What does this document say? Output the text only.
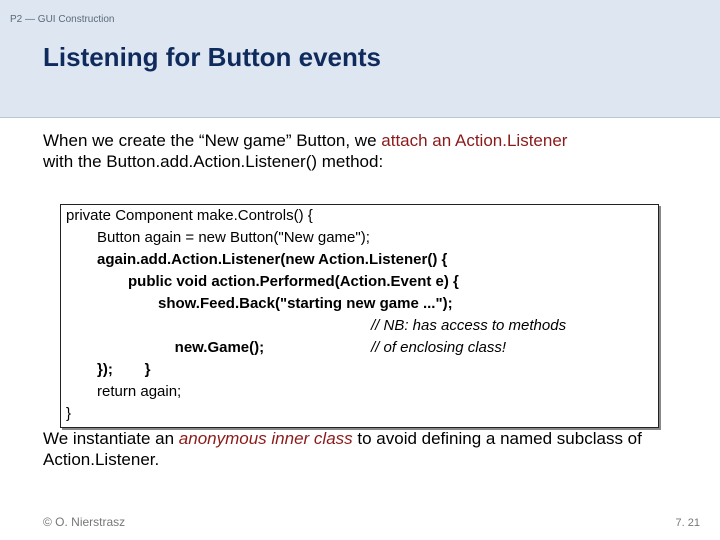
P2 — GUI Construction
Listening for Button events
When we create the “New game” Button, we attach an Action.Listener
with the Button.add.Action.Listener() method:
private Component make.Controls() {
Button again = new Button("New game");
again.add.Action.Listener(new Action.Listener() {
public void action.Performed(Action.Event e) {
show.Feed.Back("starting new game ...");

new.Game();

// NB: has access to methods

}

// of enclosing class!

});
return again;
}
We instantiate an anonymous inner class to avoid defining a named subclass of Action.Listener.
© O. Nierstrasz	7. 21
